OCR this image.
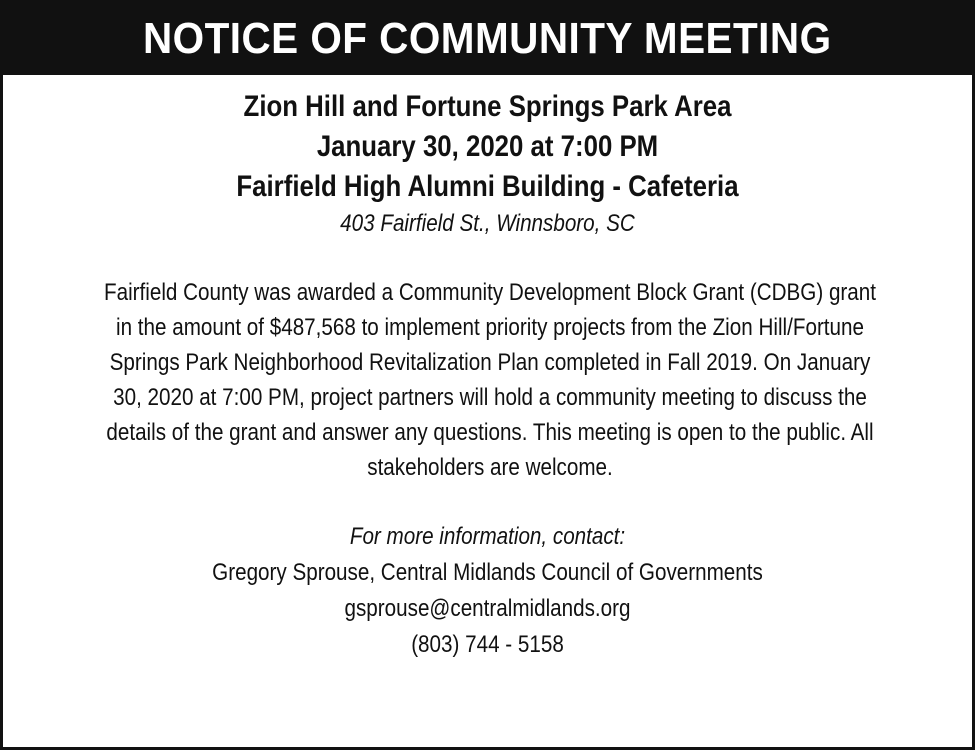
NOTICE OF COMMUNITY MEETING
Zion Hill and Fortune Springs Park Area
January 30, 2020 at 7:00 PM
Fairfield High Alumni Building - Cafeteria
403 Fairfield St., Winnsboro, SC
Fairfield County was awarded a Community Development Block Grant (CDBG) grant
in the amount of $487,568 to implement priority projects from the Zion Hill/Fortune
Springs Park Neighborhood Revitalization Plan completed in Fall 2019. On January
30, 2020 at 7:00 PM, project partners will hold a community meeting to discuss the
details of the grant and answer any questions. This meeting is open to the public. All
stakeholders are welcome.
For more information, contact:
Gregory Sprouse, Central Midlands Council of Governments
gsprouse@centralmidlands.org
(803) 744 - 5158
